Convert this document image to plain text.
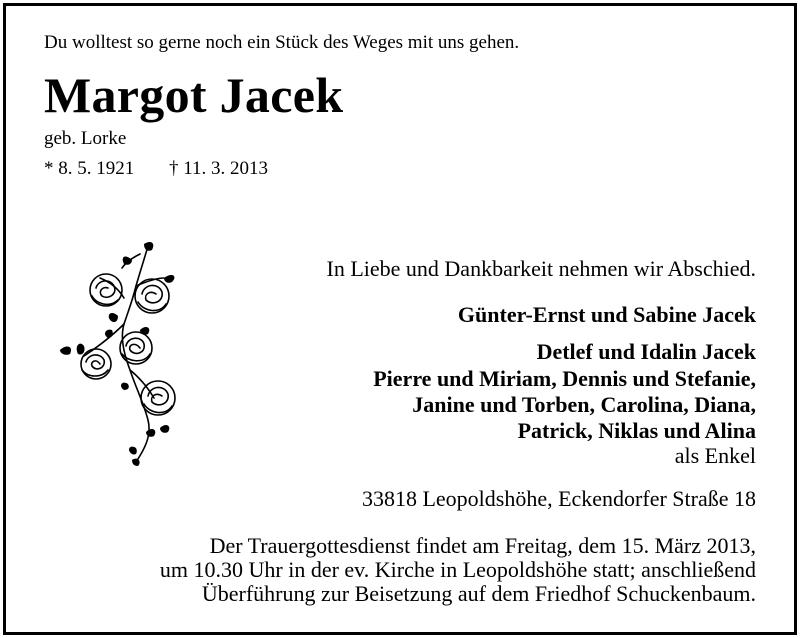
Du wolltest so gerne noch ein Stück des Weges mit uns gehen.
Margot Jacek
geb. Lorke
* 8. 5. 1921 † 11. 3. 2013
In Liebe und Dankbarkeit nehmen wir Abschied.
Günter-Ernst und Sabine Jacek
Detlef und Idalin Jacek
Pierre und Miriam, Dennis und Stefanie,
Janine und Torben, Carolina, Diana,
Patrick, Niklas und Alina
als Enkel
33818 Leopoldshöhe, Eckendorfer Straße 18
Der Trauergottesdienst findet am Freitag, dem 15. März 2013,
um 10.30 Uhr in der ev. Kirche in Leopoldshöhe statt; anschließend
Überführung zur Beisetzung auf dem Friedhof Schuckenbaum.
